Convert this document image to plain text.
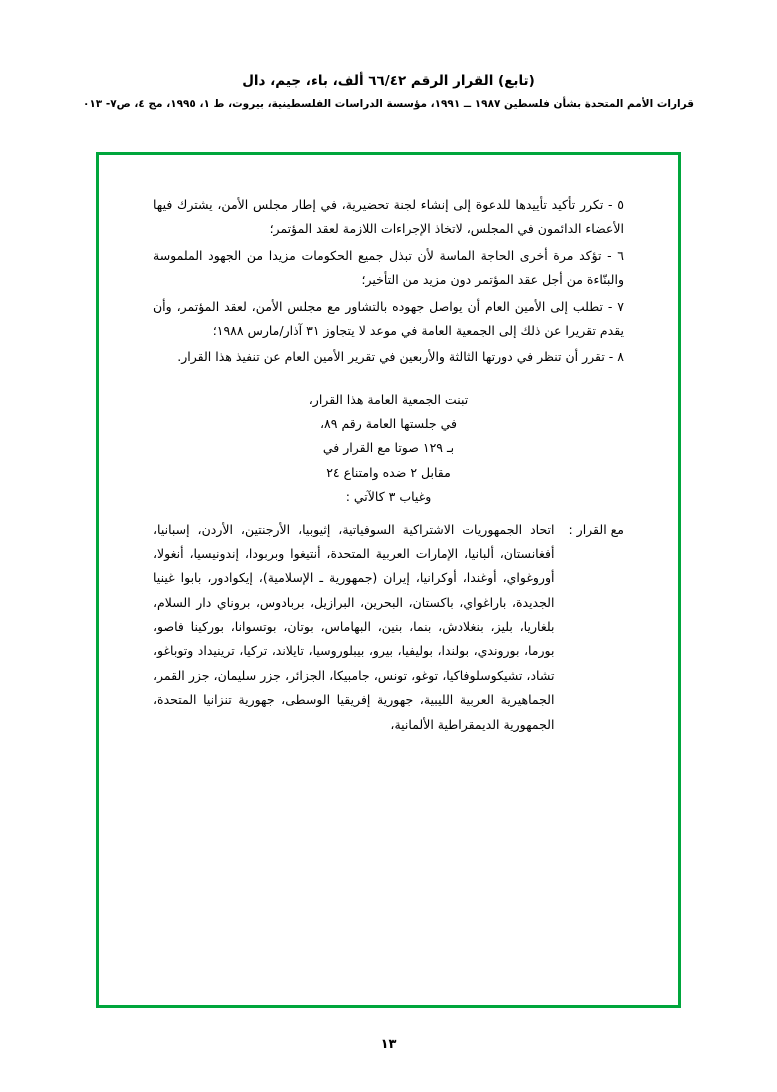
(تابع) القرار الرقم ٦٦/٤٢ ألف، باء، جيم، دال
قرارات الأمم المتحدة بشأن فلسطين ١٩٨٧ ــ ١٩٩١، مؤسسة الدراسات الفلسطينية، بيروت، ط ١، ١٩٩٥، مج ٤، ص٧- ٠١٣

٥ - تكرر تأكيد تأييدها للدعوة إلى إنشاء لجنة تحضيرية، في إطار مجلس الأمن، يشترك فيها الأعضاء الدائمون في المجلس، لاتخاذ الإجراءات اللازمة لعقد المؤتمر؛

٦ - تؤكد مرة أخرى الحاجة الماسة لأن تبذل جميع الحكومات مزيدا من الجهود الملموسة والبنّاءة من أجل عقد المؤتمر دون مزيد من التأخير؛

٧ - تطلب إلى الأمين العام أن يواصل جهوده بالتشاور مع مجلس الأمن، لعقد المؤتمر، وأن يقدم تقريرا عن ذلك إلى الجمعية العامة في موعد لا يتجاوز ٣١ آذار/مارس ١٩٨٨؛

٨ - تقرر أن تنظر في دورتها الثالثة والأربعين في تقرير الأمين العام عن تنفيذ هذا القرار.

تبنت الجمعية العامة هذا القرار،

في جلستها العامة رقم ٨٩،

بـ ١٢٩ صوتا مع القرار في

مقابل ٢ ضده وامتناع ٢٤

وغياب ٣ كالآتي :

مع القرار :
اتحاد الجمهوريات الاشتراكية السوفياتية، إثيوبيا، الأرجنتين، الأردن، إسبانيا، أفغانستان، ألبانيا، الإمارات العربية المتحدة، أنتيغوا وبربودا، إندونيسيا، أنغولا، أوروغواي، أوغندا، أوكرانيا، إيران (جمهورية ـ الإسلامية)، إيكوادور، بابوا غينيا الجديدة، باراغواي، باكستان، البحرين، البرازيل، بربادوس، بروناي دار السلام، بلغاريا، بليز، بنغلادش، بنما، بنين، البهاماس، بوتان، بوتسوانا، بوركينا فاصو، بورما، بوروندي، بولندا، بوليفيا، بيرو، بيبلوروسيا، تايلاند، تركيا، ترينيداد وتوباغو، تشاد، تشيكوسلوفاكيا، توغو، تونس، جامبيكا، الجزائر، جزر سليمان، جزر القمر، الجماهيرية العربية الليبية، جهورية إفريقيا الوسطى، جهورية تنزانيا المتحدة، الجمهورية الديمقراطية الألمانية،
١٣
